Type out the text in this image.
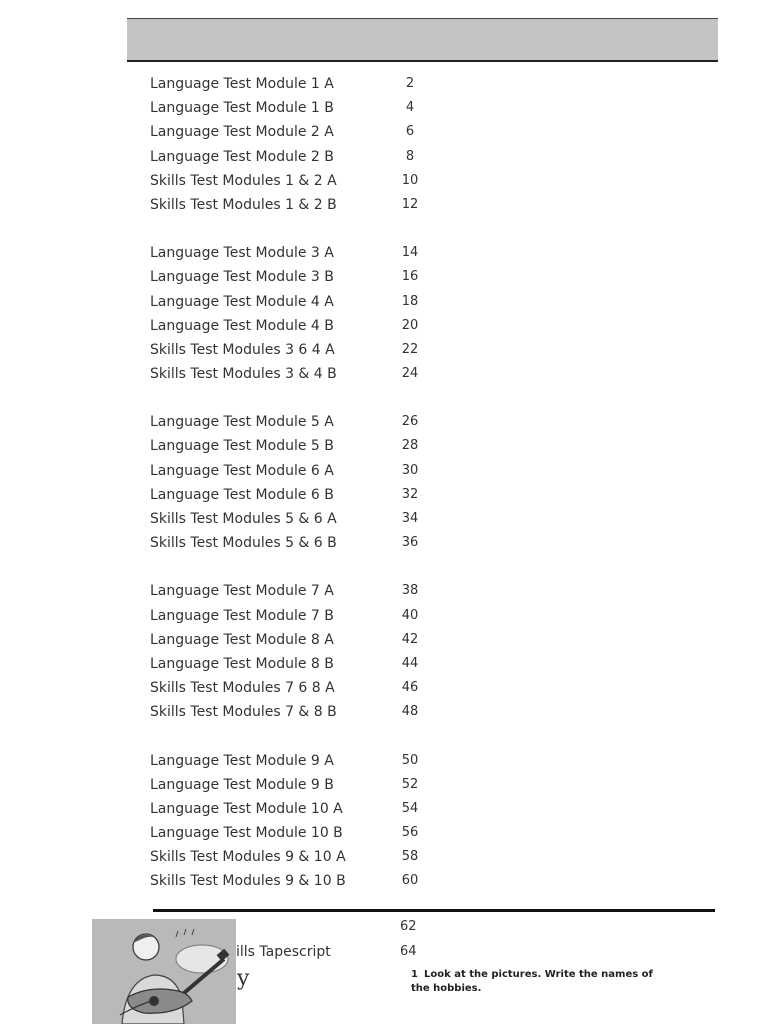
Language Test Module 1 A	2
Language Test Module 1 B	4
Language Test Module 2 A	6
Language Test Module 2 B	8
Skills Test Modules 1 & 2 A	10
Skills Test Modules 1 & 2 B	12
Language Test Module 3 A	14
Language Test Module 3 B	16
Language Test Module 4 A	18
Language Test Module 4 B	20
Skills Test Modules 3 6 4 A	22
Skills Test Modules 3 & 4 B	24
Language Test Module 5 A	26
Language Test Module 5 B	28
Language Test Module 6 A	30
Language Test Module 6 B	32
Skills Test Modules 5 & 6 A	34
Skills Test Modules 5 & 6 B	36
Language Test Module 7 A	38
Language Test Module 7 B	40
Language Test Module 8 A	42
Language Test Module 8 B	44
Skills Test Modules 7 6 8 A	46
Skills Test Modules 7 & 8 B	48
Language Test Module 9 A	50
Language Test Module 9 B	52
Language Test Module 10 A	54
Language Test Module 10 B	56
Skills Test Modules 9 & 10 A	58
Skills Test Modules 9 & 10 B	60
62
ills Tapescript	64
y	1 Look at the pictures. Write the names of the hobbies.
